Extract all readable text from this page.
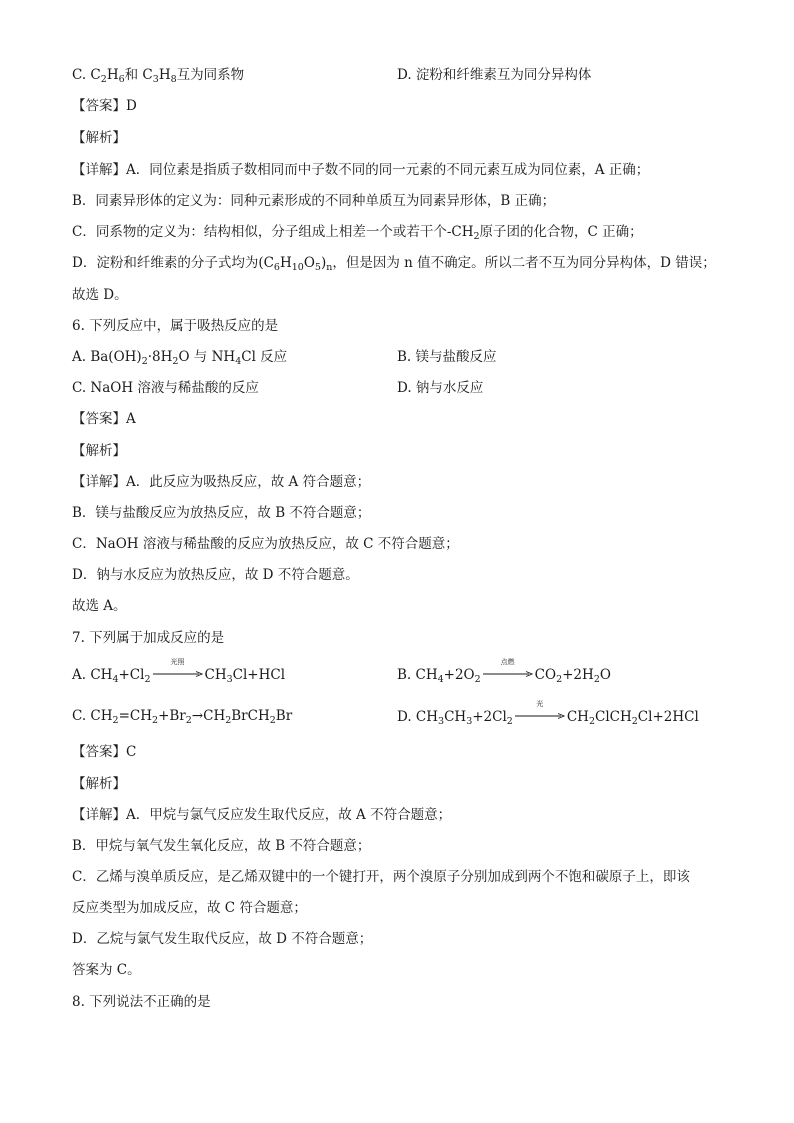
C. $C_2H_6$和 $C_3H_8$互为同系物	D. 淀粉和纤维素互为同分异构体
【答案】D
【解析】
【详解】A．同位素是指质子数相同而中子数不同的同一元素的不同元素互成为同位素，A 正确；
B．同素异形体的定义为：同种元素形成的不同种单质互为同素异形体，B 正确；
C．同系物的定义为：结构相似，分子组成上相差一个或若干个$-CH_2$原子团的化合物，C 正确；
D．淀粉和纤维素的分子式均为$(C_6H_{10}O_5)_n$，但是因为 n 值不确定。所以二者不互为同分异构体，D 错误；
故选 D。
6. 下列反应中，属于吸热反应的是
A. $Ba(OH)_2\cdot 8H_2O$ 与 $NH_4Cl$ 反应	B. 镁与盐酸反应
C. NaOH 溶液与稀盐酸的反应	D. 钠与水反应
【答案】A
【解析】
【详解】A．此反应为吸热反应，故 A 符合题意；
B．镁与盐酸反应为放热反应，故 B 不符合题意；
C．NaOH 溶液与稀盐酸的反应为放热反应，故 C 不符合题意；
D．钠与水反应为放热反应，故 D 不符合题意。
故选 A。
7. 下列属于加成反应的是
A. $CH_4+Cl_2$
光照
$CH_3Cl+HCl$	B. $CH_4+2O_2$
点燃
$CO_2+2H_2O$
C. $CH_2=CH_2+Br_2\to CH_2BrCH_2Br$	D. $CH_3CH_3+2Cl_2$
光
$CH_2ClCH_2Cl+2HCl$
【答案】C
【解析】
【详解】A．甲烷与氯气反应发生取代反应，故 A 不符合题意；
B．甲烷与氧气发生氧化反应，故 B 不符合题意；
C．乙烯与溴单质反应，是乙烯双键中的一个键打开，两个溴原子分别加成到两个不饱和碳原子上，即该
反应类型为加成反应，故 C 符合题意；
D．乙烷与氯气发生取代反应，故 D 不符合题意；
答案为 C。
8. 下列说法不正确的是
